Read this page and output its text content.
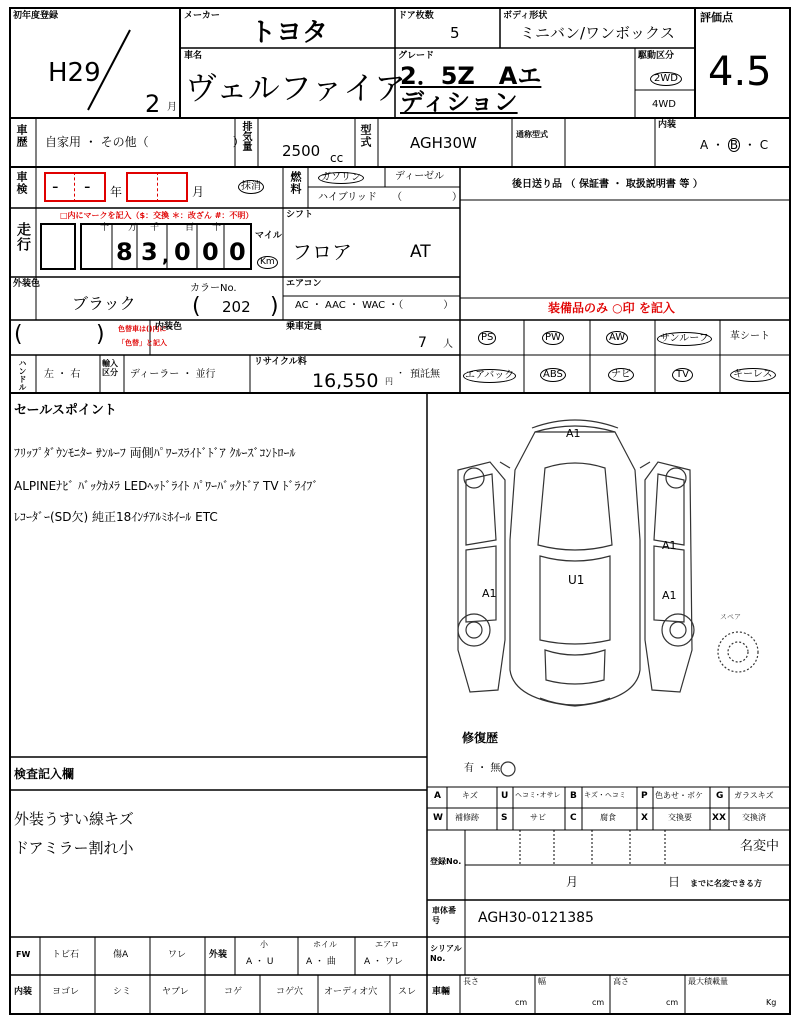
初年度登録
H29
2 月
メーカー
トヨタ
ドア枚数
5
ボディ形状
ミニバン/ワンボックス
評価点
4.5
車名
ヴェルファイア
グレード
2．5Z　Aエ
ディション
駆動区分
2WD
4WD
車歴 自家用 ・ その他（　　　　　　　）
排気量 2500 cc
型式	AGH30W	通称型式
内装
A ・ B ・ C
車検 - - 年	月	抹消	燃料	ガソリン	ディーゼル
ハイブリッド （　　　　　）
後日送り品 （ 保証書 ・ 取扱説明書 等 ）
走行
□内にマークを記入（$：交換 ＊：改ざん #：不明）
十 万 千	百 十
8 3 , 0 0 0
マイル
Km
シフト
フロア	AT
外装色
ブラック
カラーNo.
( 202 )
エアコン
AC ・ AAC ・ WAC ・（　　　　）
(	) 色替車は()内に
「色替」と記入
内装色	乗車定員
7 人
装備品のみ ○印 を記入
PS	PW	AW	サンルーフ	革シート
エアバック	ABS	ナビ	TV	キーレス
ハンドル 左 ・ 右
輸入区分	ディーラー ・ 並行
リサイクル料
16,550 円
・ 預託無
セールスポイント
ﾌﾘｯﾌﾟﾀﾞｳﾝﾓﾆﾀｰ ｻﾝﾙｰﾌ 両側ﾊﾟﾜｰｽﾗｲﾄﾞﾄﾞｱ ｸﾙｰｽﾞｺﾝﾄﾛｰﾙ
ALPINEﾅﾋﾞ ﾊﾞｯｸｶﾒﾗ LEDﾍｯﾄﾞﾗｲﾄ ﾊﾟﾜｰﾊﾞｯｸﾄﾞｱ TV ﾄﾞﾗｲﾌﾞ
ﾚｺｰﾀﾞｰ(SD欠) 純正18ｲﾝﾁｱﾙﾐﾎｲｰﾙ ETC
A1
A1
A1
A1
U1
スペア
修復歴
有 ・ 無
検査記入欄
外装うすい線キズ
ドアミラー割れ小
A	キズ	U ヘコミ･オサレ B キズ・ヘコミ P 色あせ・ボケ G ガラスキズ
W 補修跡 S	サビ	C	腐食	X	交換要 XX 交換済
登録No.
名変中
月	日 までに名変できる方
車体番号	AGH30-0121385
シリアルNo.
FW トビ石	傷A	ワレ	外装
小	ホイル	エアロ
A ・ U	A ・ 曲	A ・ ワレ
内装 ヨゴレ	シミ	ヤブレ	コゲ	コゲ穴 オーディオ穴 スレ 車輛
長さ
cm
幅
cm
高さ
cm
最大積載量
Kg
